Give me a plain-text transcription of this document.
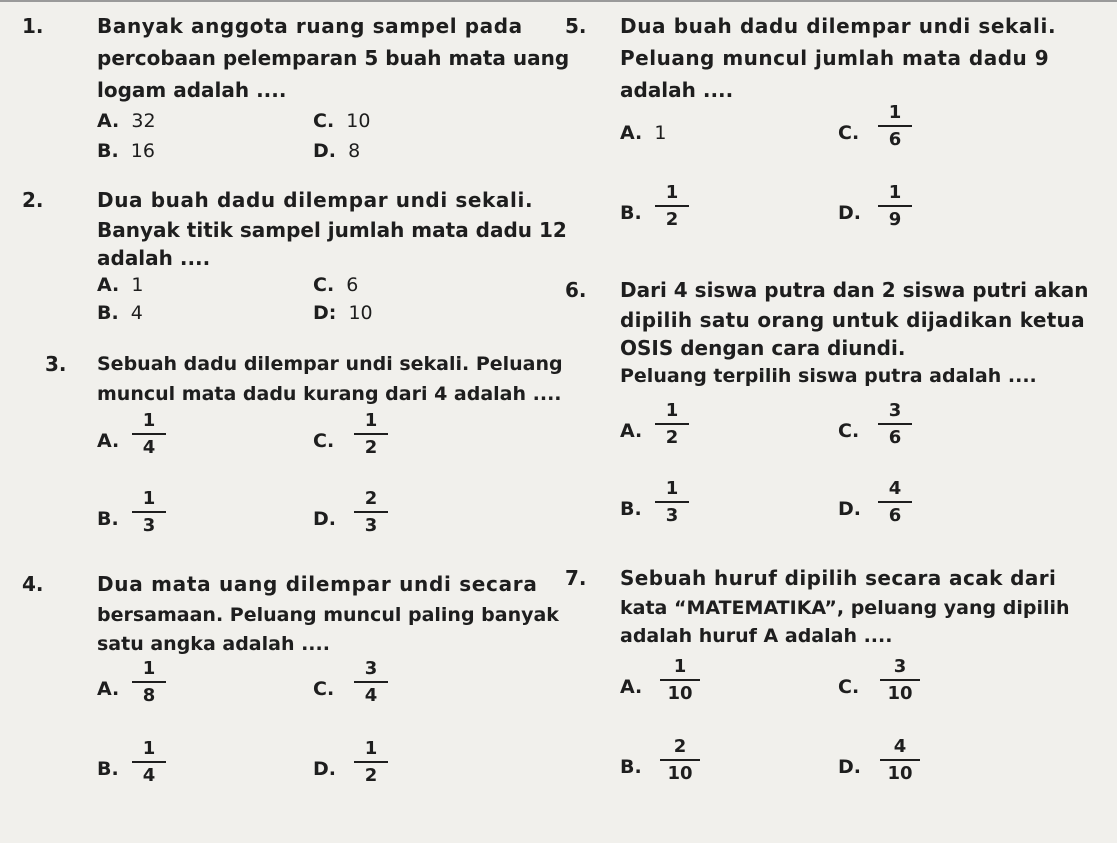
1.	Banyak anggota ruang sampel pada
percobaan pelemparan 5 buah mata uang
logam adalah ....
A. 32	C. 10
B. 16	D. 8
2.	Dua buah dadu dilempar undi sekali.
Banyak titik sampel jumlah mata dadu 12
adalah ....
A. 1	C. 6
B. 4	D: 10
3. Sebuah dadu dilempar undi sekali. Peluang
muncul mata dadu kurang dari 4 adalah ....
A.
1
4	C.
1
2
B.
1
3	D.
2
3
4.	Dua mata uang dilempar undi secara
bersamaan. Peluang muncul paling banyak
satu angka adalah ....
A.
1
8	C.
3
4
B.
1
4	D.
1
2
5. Dua buah dadu dilempar undi sekali.
Peluang muncul jumlah mata dadu 9
adalah ....
A. 1	C.
1
6
B.
1
2	D.
1
9
6. Dari 4 siswa putra dan 2 siswa putri akan
dipilih satu orang untuk dijadikan ketua
OSIS dengan cara diundi.
Peluang terpilih siswa putra adalah ....
A.
1
2	C.
3
6
B.
1
3	D.
4
6
7. Sebuah huruf dipilih secara acak dari
kata “MATEMATIKA”, peluang yang dipilih
adalah huruf A adalah ....
A.
1
10	C.
3
10
B.
2
10	D.
4
10
